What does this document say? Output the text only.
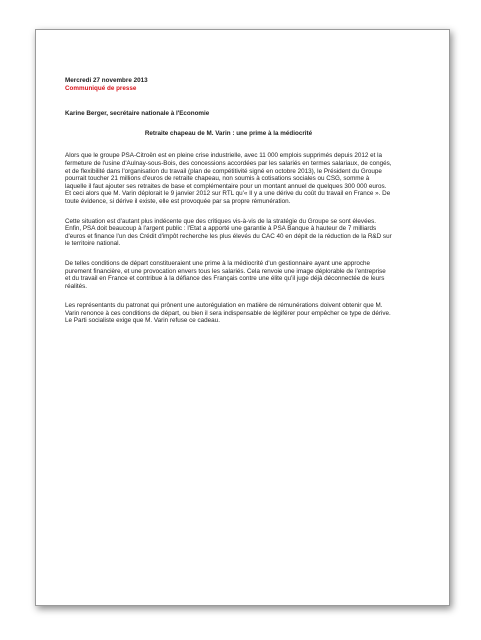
Mercredi 27 novembre 2013

Communiqué de presse

Karine Berger, secrétaire nationale à l'Economie

Retraite chapeau de M. Varin : une prime à la médiocrité

Alors que le groupe PSA-Citroën est en pleine crise industrielle, avec 11 000 emplois supprimés depuis 2012 et la fermeture de l'usine d'Aulnay-sous-Bois, des concessions accordées par les salariés en termes salariaux, de congés, et de flexibilité dans l'organisation du travail (plan de compétitivité signé en octobre 2013), le Président du Groupe pourrait toucher 21 millions d'euros de retraite chapeau, non soumis à cotisations sociales ou CSG, somme à laquelle il faut ajouter ses retraites de base et complémentaire pour un montant annuel de quelques 300 000 euros. Et ceci alors que M. Varin déplorait le 9 janvier 2012 sur RTL qu'« Il y a une dérive du coût du travail en France ». De toute évidence, si dérive il existe, elle est provoquée par sa propre rémunération.

Cette situation est d'autant plus indécente que des critiques vis-à-vis de la stratégie du Groupe se sont élevées. Enfin, PSA doit beaucoup à l'argent public : l'Etat a apporté une garantie à PSA Banque à hauteur de 7 milliards d'euros et finance l'un des Crédit d'impôt recherche les plus élevés du CAC 40 en dépit de la réduction de la R&D sur le territoire national.

De telles conditions de départ constitueraient une prime à la médiocrité d'un gestionnaire ayant une approche purement financière, et une provocation envers tous les salariés. Cela renvoie une image déplorable de l'entreprise et du travail en France et contribue à la défiance des Français contre une élite qu'il juge déjà déconnectée de leurs réalités.

Les représentants du patronat qui prônent une autorégulation en matière de rémunérations doivent obtenir que M. Varin renonce à ces conditions de départ, ou bien il sera indispensable de légiférer pour empêcher ce type de dérive. Le Parti socialiste exige que M. Varin refuse ce cadeau.
